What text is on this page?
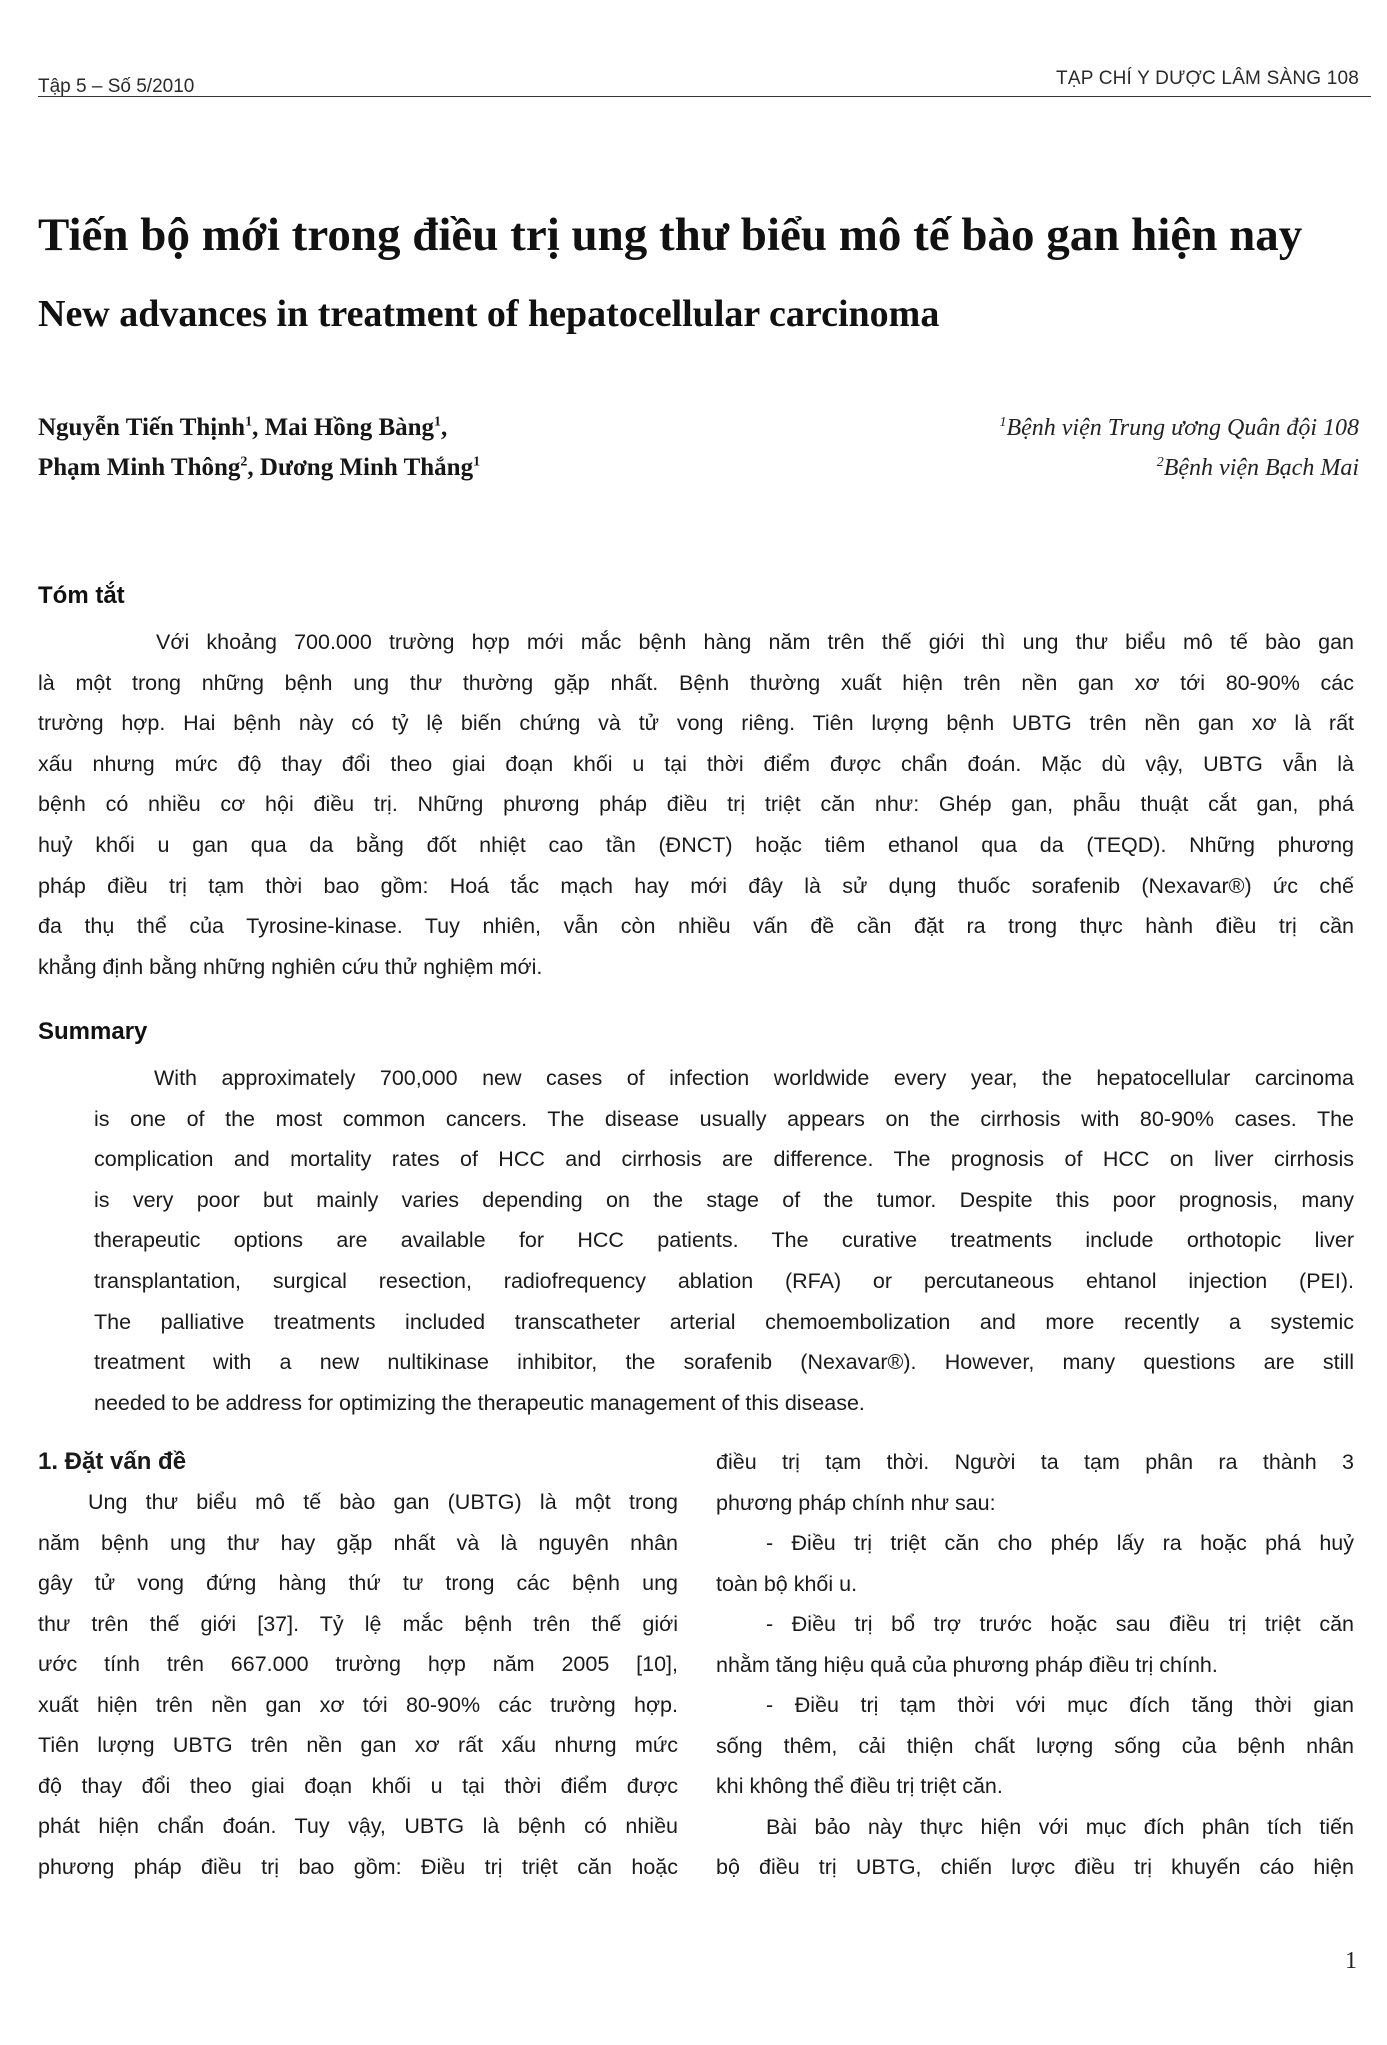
Tập 5 – Số 5/2010	TẠP CHÍ Y DƯỢC LÂM SÀNG 108
Tiến bộ mới trong điều trị ung thư biểu mô tế bào gan hiện nay
New advances in treatment of hepatocellular carcinoma
Nguyễn Tiến Thịnh$^1$, Mai Hồng Bàng$^1$,
Phạm Minh Thông$^2$, Dương Minh Thắng$^1$
$^1$Bệnh viện Trung ương Quân đội 108
$^2$Bệnh viện Bạch Mai
Tóm tắt
Với khoảng 700.000 trường hợp mới mắc bệnh hàng năm trên thế giới thì ung thư biểu mô tế bào gan
là một trong những bệnh ung thư thường gặp nhất. Bệnh thường xuất hiện trên nền gan xơ tới 80-90% các
trường hợp. Hai bệnh này có tỷ lệ biến chứng và tử vong riêng. Tiên lượng bệnh UBTG trên nền gan xơ là rất
xấu nhưng mức độ thay đổi theo giai đoạn khối u tại thời điểm được chẩn đoán. Mặc dù vậy, UBTG vẫn là
bệnh có nhiều cơ hội điều trị. Những phương pháp điều trị triệt căn như: Ghép gan, phẫu thuật cắt gan, phá
huỷ khối u gan qua da bằng đốt nhiệt cao tần (ĐNCT) hoặc tiêm ethanol qua da (TEQD). Những phương
pháp điều trị tạm thời bao gồm: Hoá tắc mạch hay mới đây là sử dụng thuốc sorafenib (Nexavar®) ức chế
đa thụ thể của Tyrosine-kinase. Tuy nhiên, vẫn còn nhiều vấn đề cần đặt ra trong thực hành điều trị cần
khẳng định bằng những nghiên cứu thử nghiệm mới.
Summary
With approximately 700,000 new cases of infection worldwide every year, the hepatocellular carcinoma
is one of the most common cancers. The disease usually appears on the cirrhosis with 80-90% cases. The
complication and mortality rates of HCC and cirrhosis are difference. The prognosis of HCC on liver cirrhosis
is very poor but mainly varies depending on the stage of the tumor. Despite this poor prognosis, many
therapeutic options are available for HCC patients. The curative treatments include orthotopic liver
transplantation, surgical resection, radiofrequency ablation (RFA) or percutaneous ehtanol injection (PEI).
The palliative treatments included transcatheter arterial chemoembolization and more recently a systemic
treatment with a new nultikinase inhibitor, the sorafenib (Nexavar®). However, many questions are still
needed to be address for optimizing the therapeutic management of this disease.
1. Đặt vấn đề
Ung thư biểu mô tế bào gan (UBTG) là một trong
năm bệnh ung thư hay gặp nhất và là nguyên nhân
gây tử vong đứng hàng thứ tư trong các bệnh ung
thư trên thế giới [37]. Tỷ lệ mắc bệnh trên thế giới
ước tính trên 667.000 trường hợp năm 2005 [10],
xuất hiện trên nền gan xơ tới 80-90% các trường hợp.
Tiên lượng UBTG trên nền gan xơ rất xấu nhưng mức
độ thay đổi theo giai đoạn khối u tại thời điểm được
phát hiện chẩn đoán. Tuy vậy, UBTG là bệnh có nhiều
phương pháp điều trị bao gồm: Điều trị triệt căn hoặc
điều trị tạm thời. Người ta tạm phân ra thành 3
phương pháp chính như sau:
- Điều trị triệt căn cho phép lấy ra hoặc phá huỷ
toàn bộ khối u.
- Điều trị bổ trợ trước hoặc sau điều trị triệt căn
nhằm tăng hiệu quả của phương pháp điều trị chính.
- Điều trị tạm thời với mục đích tăng thời gian
sống thêm, cải thiện chất lượng sống của bệnh nhân
khi không thể điều trị triệt căn.
Bài bảo này thực hiện với mục đích phân tích tiến
bộ điều trị UBTG, chiến lược điều trị khuyến cáo hiện
1
